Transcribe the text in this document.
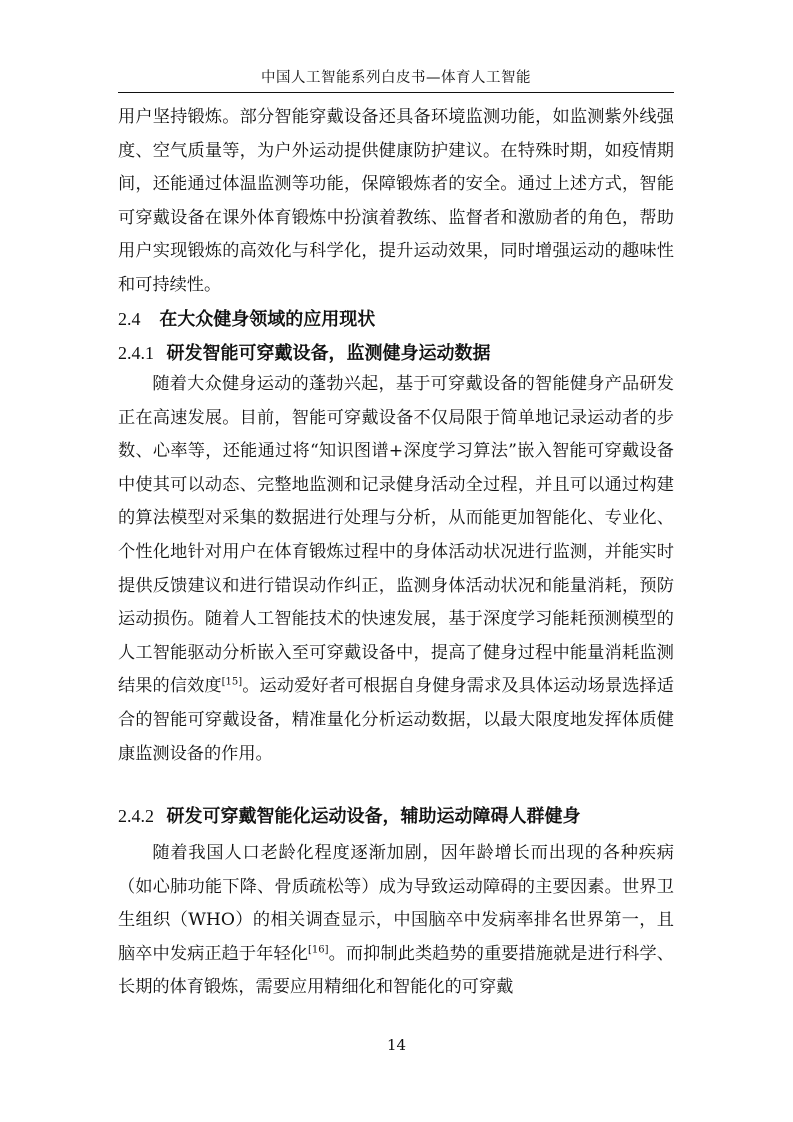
中国人工智能系列白皮书—体育人工智能

用户坚持锻炼。部分智能穿戴设备还具备环境监测功能，如监测紫外线强度、空气质量等，为户外运动提供健康防护建议。在特殊时期，如疫情期间，还能通过体温监测等功能，保障锻炼者的安全。通过上述方式，智能可穿戴设备在课外体育锻炼中扮演着教练、监督者和激励者的角色，帮助用户实现锻炼的高效化与科学化，提升运动效果，同时增强运动的趣味性和可持续性。

2.4 在大众健身领域的应用现状
2.4.1 研发智能可穿戴设备，监测健身运动数据

随着大众健身运动的蓬勃兴起，基于可穿戴设备的智能健身产品研发正在高速发展。目前，智能可穿戴设备不仅局限于简单地记录运动者的步数、心率等，还能通过将“知识图谱+深度学习算法”嵌入智能可穿戴设备中使其可以动态、完整地监测和记录健身活动全过程，并且可以通过构建的算法模型对采集的数据进行处理与分析，从而能更加智能化、专业化、个性化地针对用户在体育锻炼过程中的身体活动状况进行监测，并能实时提供反馈建议和进行错误动作纠正，监测身体活动状况和能量消耗，预防运动损伤。随着人工智能技术的快速发展，基于深度学习能耗预测模型的人工智能驱动分析嵌入至可穿戴设备中，提高了健身过程中能量消耗监测结果的信效度[15]。运动爱好者可根据自身健身需求及具体运动场景选择适合的智能可穿戴设备，精准量化分析运动数据，以最大限度地发挥体质健康监测设备的作用。

2.4.2 研发可穿戴智能化运动设备，辅助运动障碍人群健身

随着我国人口老龄化程度逐渐加剧，因年龄增长而出现的各种疾病（如心肺功能下降、骨质疏松等）成为导致运动障碍的主要因素。世界卫生组织（WHO）的相关调查显示，中国脑卒中发病率排名世界第一，且脑卒中发病正趋于年轻化[16]。而抑制此类趋势的重要措施就是进行科学、长期的体育锻炼，需要应用精细化和智能化的可穿戴

14
